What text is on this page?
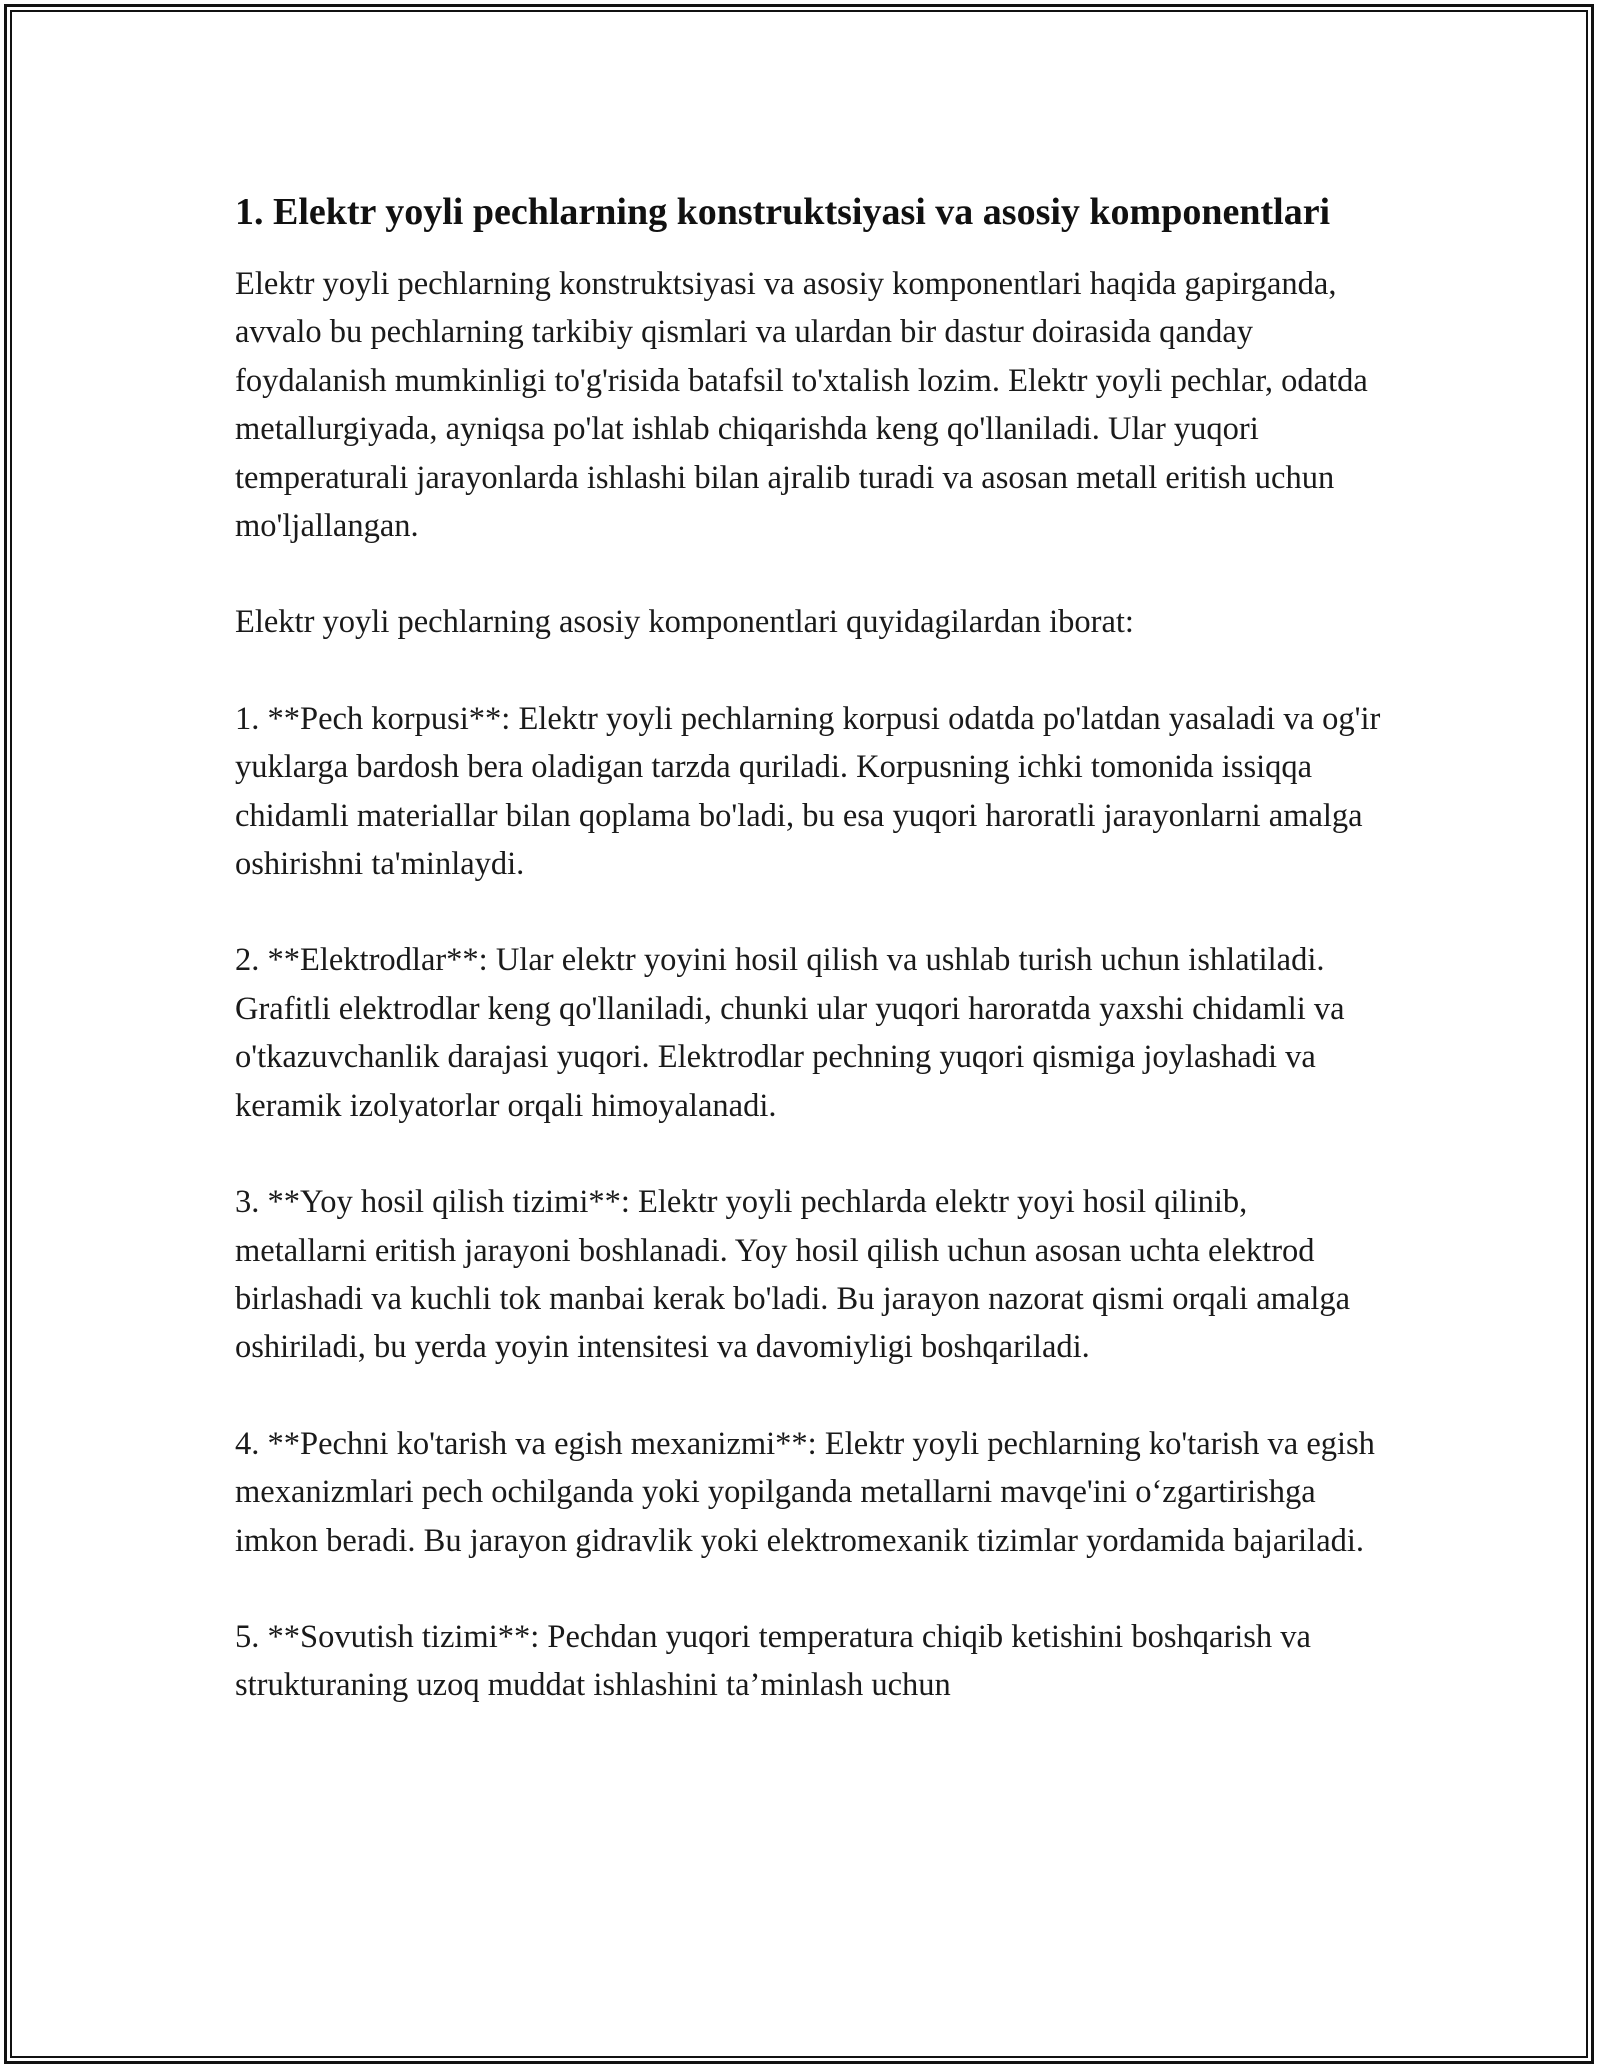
1. Elektr yoyli pechlarning konstruktsiyasi va asosiy komponentlari

Elektr yoyli pechlarning konstruktsiyasi va asosiy komponentlari haqida gapirganda, avvalo bu pechlarning tarkibiy qismlari va ulardan bir dastur doirasida qanday foydalanish mumkinligi to'g'risida batafsil to'xtalish lozim. Elektr yoyli pechlar, odatda metallurgiyada, ayniqsa po'lat ishlab chiqarishda keng qo'llaniladi. Ular yuqori temperaturali jarayonlarda ishlashi bilan ajralib turadi va asosan metall eritish uchun mo'ljallangan.

Elektr yoyli pechlarning asosiy komponentlari quyidagilardan iborat:

1. **Pech korpusi**: Elektr yoyli pechlarning korpusi odatda po'latdan yasaladi va og'ir yuklarga bardosh bera oladigan tarzda quriladi. Korpusning ichki tomonida issiqqa chidamli materiallar bilan qoplama bo'ladi, bu esa yuqori haroratli jarayonlarni amalga oshirishni ta'minlaydi.

2. **Elektrodlar**: Ular elektr yoyini hosil qilish va ushlab turish uchun ishlatiladi. Grafitli elektrodlar keng qo'llaniladi, chunki ular yuqori haroratda yaxshi chidamli va o'tkazuvchanlik darajasi yuqori. Elektrodlar pechning yuqori qismiga joylashadi va keramik izolyatorlar orqali himoyalanadi.

3. **Yoy hosil qilish tizimi**: Elektr yoyli pechlarda elektr yoyi hosil qilinib, metallarni eritish jarayoni boshlanadi. Yoy hosil qilish uchun asosan uchta elektrod birlashadi va kuchli tok manbai kerak bo'ladi. Bu jarayon nazorat qismi orqali amalga oshiriladi, bu yerda yoyin intensitesi va davomiyligi boshqariladi.

4. **Pechni ko'tarish va egish mexanizmi**: Elektr yoyli pechlarning ko'tarish va egish mexanizmlari pech ochilganda yoki yopilganda metallarni mavqe'ini o‘zgartirishga imkon beradi. Bu jarayon gidravlik yoki elektromexanik tizimlar yordamida bajariladi.

5. **Sovutish tizimi**: Pechdan yuqori temperatura chiqib ketishini boshqarish va strukturaning uzoq muddat ishlashini ta’minlash uchun
